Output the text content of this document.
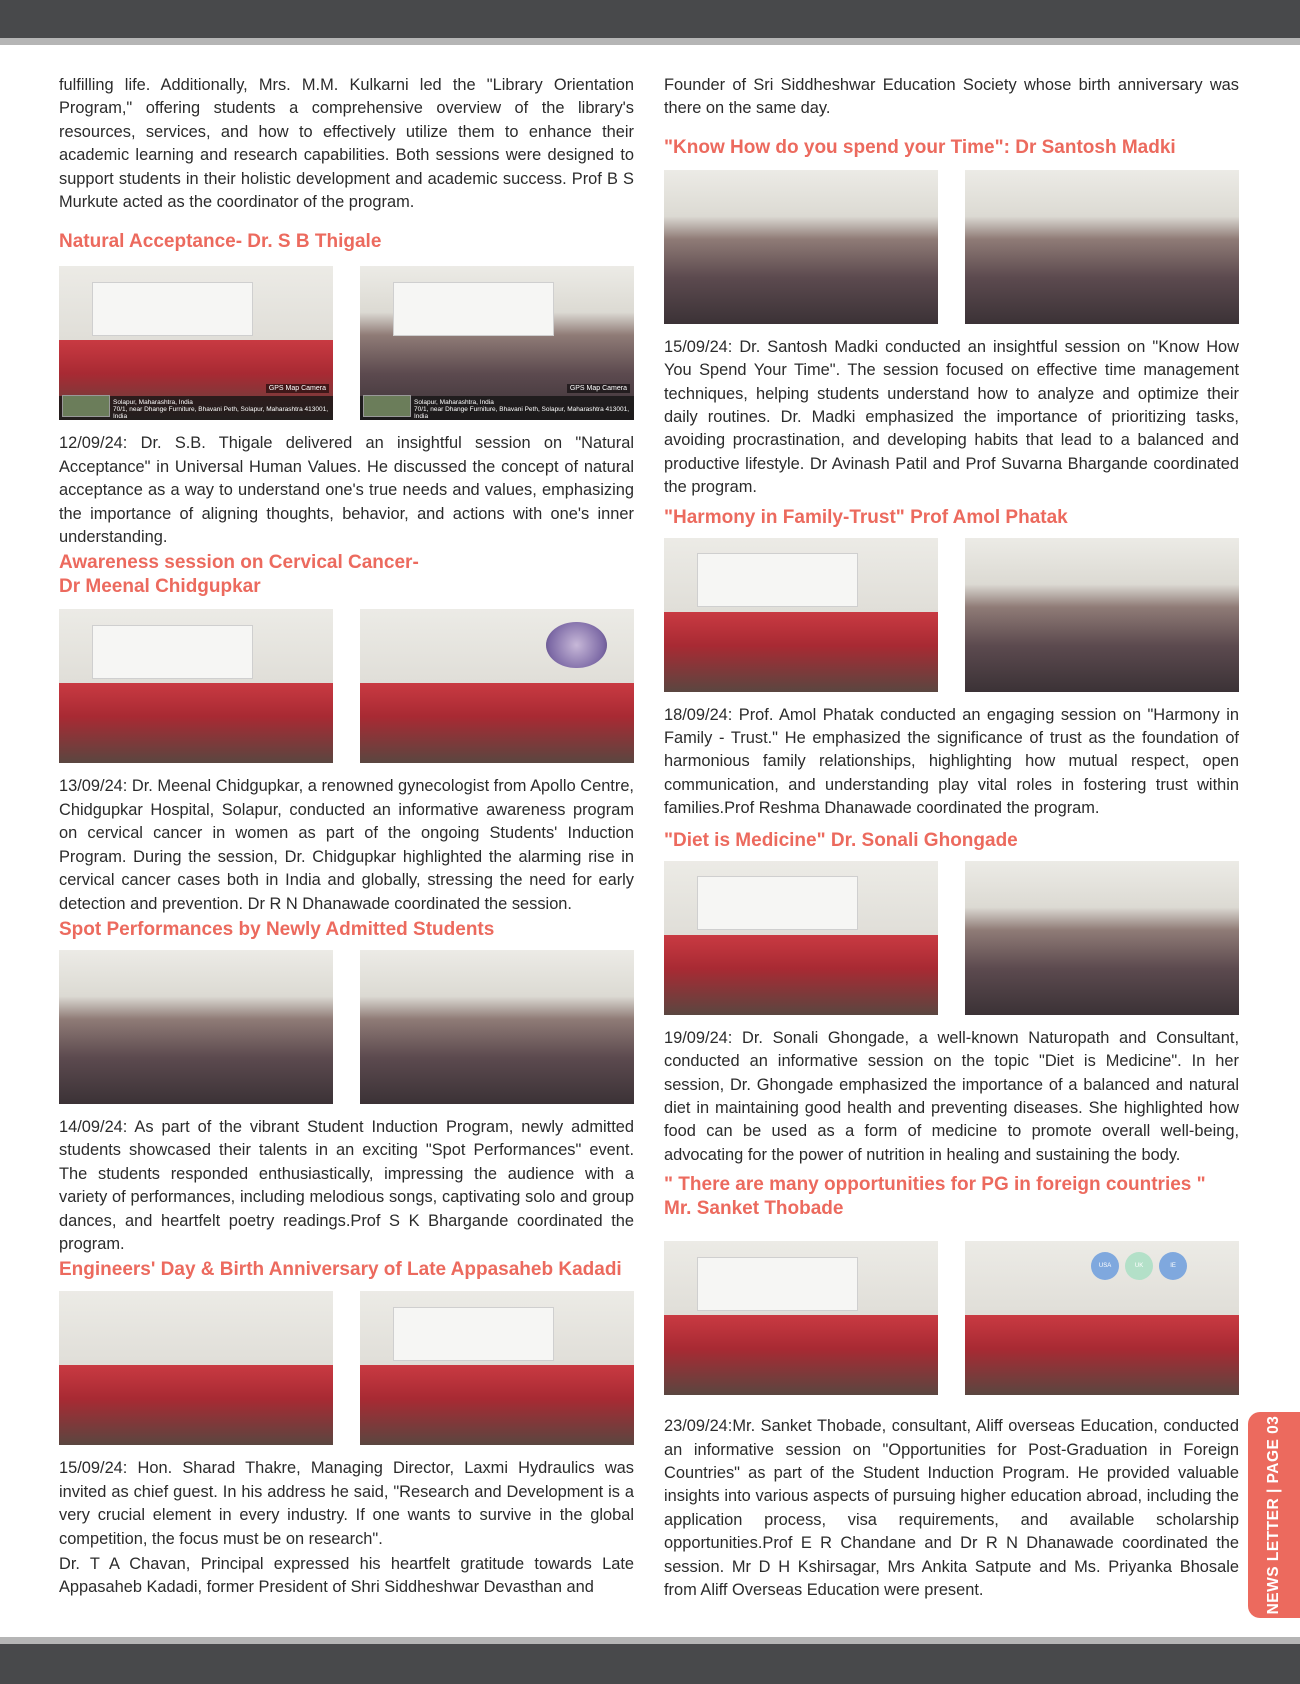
fulfilling life. Additionally, Mrs. M.M. Kulkarni led the "Library Orientation Program," offering students a comprehensive overview of the library's resources, services, and how to effectively utilize them to enhance their academic learning and research capabilities. Both sessions were designed to support students in their holistic development and academic success. Prof B S Murkute acted as the coordinator of the program.

Natural Acceptance- Dr. S B Thigale
GPS Map Camera
Solapur, Maharashtra, India
70/1, near Dhange Furniture, Bhavani Peth, Solapur, Maharashtra 413001, India
GPS Map Camera
Solapur, Maharashtra, India
70/1, near Dhange Furniture, Bhavani Peth, Solapur, Maharashtra 413001, India

12/09/24: Dr. S.B. Thigale delivered an insightful session on "Natural Acceptance" in Universal Human Values. He discussed the concept of natural acceptance as a way to understand one's true needs and values, emphasizing the importance of aligning thoughts, behavior, and actions with one's inner understanding.

Awareness session on Cervical Cancer-
Dr Meenal Chidgupkar

13/09/24: Dr. Meenal Chidgupkar, a renowned gynecologist from Apollo Centre, Chidgupkar Hospital, Solapur, conducted an informative awareness program on cervical cancer in women as part of the ongoing Students' Induction Program. During the session, Dr. Chidgupkar highlighted the alarming rise in cervical cancer cases both in India and globally, stressing the need for early detection and prevention. Dr R N Dhanawade coordinated the session.

Spot Performances by Newly Admitted Students

14/09/24: As part of the vibrant Student Induction Program, newly admitted students showcased their talents in an exciting "Spot Performances" event. The students responded enthusiastically, impressing the audience with a variety of performances, including melodious songs, captivating solo and group dances, and heartfelt poetry readings.Prof S K Bhargande coordinated the program.

Engineers' Day & Birth Anniversary of Late Appasaheb Kadadi

15/09/24: Hon. Sharad Thakre, Managing Director, Laxmi Hydraulics was invited as chief guest. In his address he said, "Research and Development is a very crucial element in every industry. If one wants to survive in the global competition, the focus must be on research".

Dr. T A Chavan, Principal expressed his heartfelt gratitude towards Late Appasaheb Kadadi, former President of Shri Siddheshwar Devasthan and

Founder of Sri Siddheshwar Education Society whose birth anniversary was there on the same day.

"Know How do you spend your Time": Dr Santosh Madki

15/09/24: Dr. Santosh Madki conducted an insightful session on "Know How You Spend Your Time". The session focused on effective time management techniques, helping students understand how to analyze and optimize their daily routines. Dr. Madki emphasized the importance of prioritizing tasks, avoiding procrastination, and developing habits that lead to a balanced and productive lifestyle. Dr Avinash Patil and Prof Suvarna Bhargande coordinated the program.

"Harmony in Family-Trust" Prof Amol Phatak

18/09/24: Prof. Amol Phatak conducted an engaging session on "Harmony in Family - Trust." He emphasized the significance of trust as the foundation of harmonious family relationships, highlighting how mutual respect, open communication, and understanding play vital roles in fostering trust within families.Prof Reshma Dhanawade coordinated the program.

"Diet is Medicine" Dr. Sonali Ghongade

19/09/24: Dr. Sonali Ghongade, a well-known Naturopath and Consultant, conducted an informative session on the topic "Diet is Medicine". In her session, Dr. Ghongade emphasized the importance of a balanced and natural diet in maintaining good health and preventing diseases. She highlighted how food can be used as a form of medicine to promote overall well-being, advocating for the power of nutrition in healing and sustaining the body.

" There are many opportunities for PG in foreign countries "
Mr. Sanket Thobade
USA	UK	IE

23/09/24:Mr. Sanket Thobade, consultant, Aliff overseas Education, conducted an informative session on "Opportunities for Post-Graduation in Foreign Countries" as part of the Student Induction Program. He provided valuable insights into various aspects of pursuing higher education abroad, including the application process, visa requirements, and available scholarship opportunities.Prof E R Chandane and Dr R N Dhanawade coordinated the session. Mr D H Kshirsagar, Mrs Ankita Satpute and Ms. Priyanka Bhosale from Aliff Overseas Education were present.	NEWS LETTER | PAGE 03
